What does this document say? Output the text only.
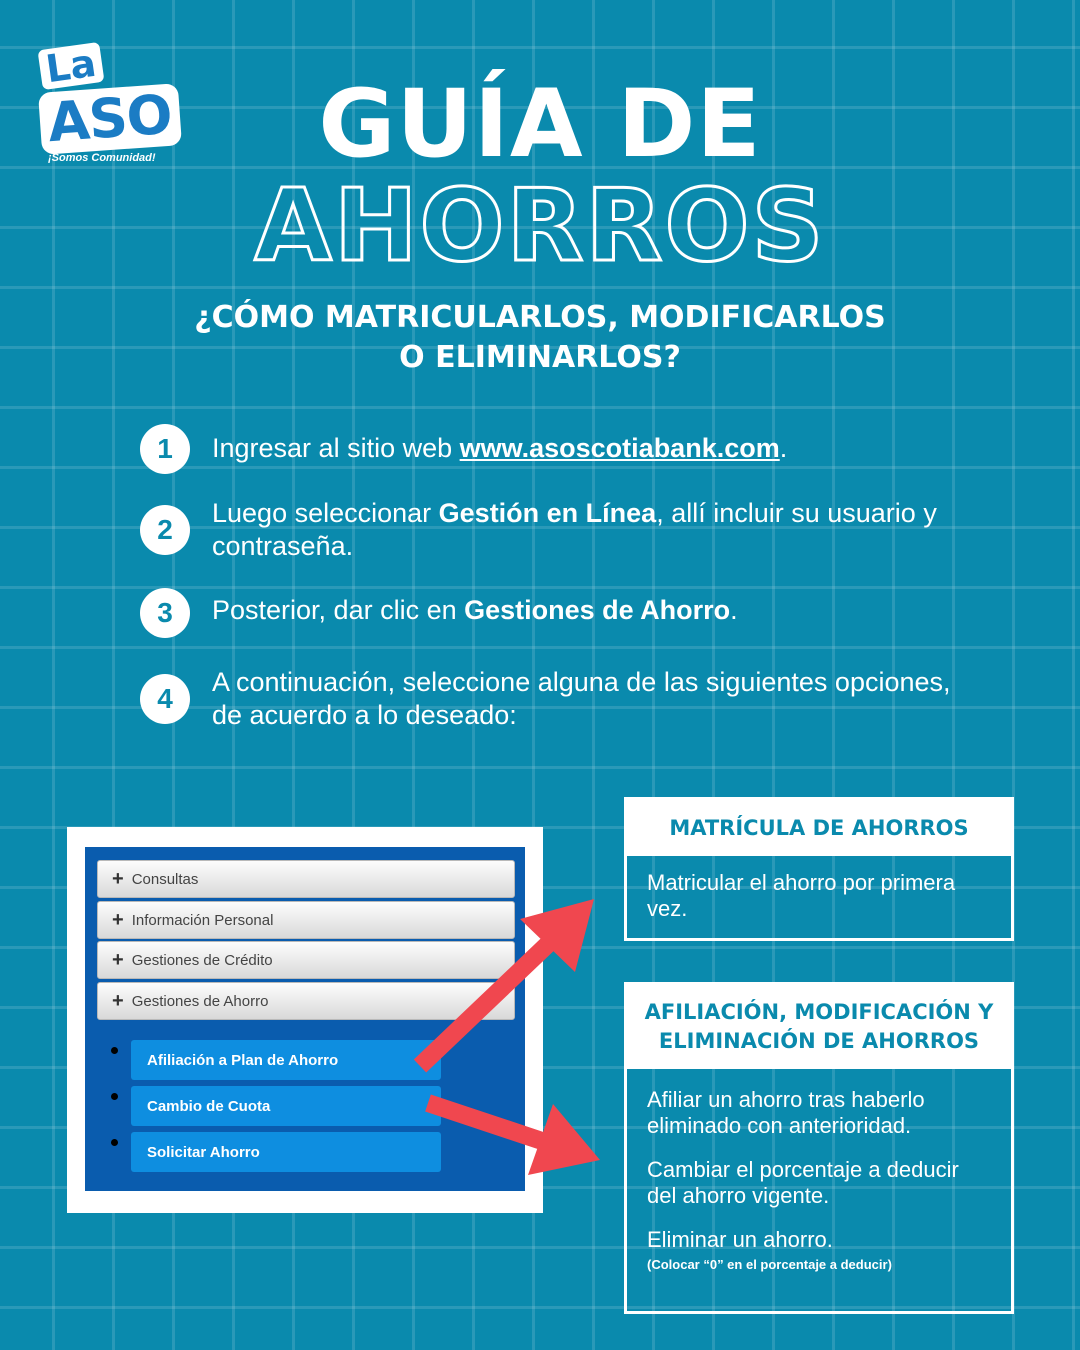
La
ASO
¡Somos Comunidad!	GUÍA DE
AHORROS
¿CÓMO MATRICULARLOS, MODIFICARLOS
O ELIMINARLOS?
1	Ingresar al sitio web www.asoscotiabank.com.
2
Luego seleccionar Gestión en Línea, allí incluir su usuario y contraseña.
3	Posterior, dar clic en Gestiones de Ahorro.
4
A continuación, seleccione alguna de las siguientes opciones, de acuerdo a lo deseado:
+ Consultas
+ Información Personal
+ Gestiones de Crédito
+ Gestiones de Ahorro
Afiliación a Plan de Ahorro
Cambio de Cuota
Solicitar Ahorro
MATRÍCULA DE AHORROS
Matricular el ahorro por primera vez.
AFILIACIÓN, MODIFICACIÓN Y
ELIMINACIÓN DE AHORROS

Afiliar un ahorro tras haberlo eliminado con anterioridad.

Cambiar el porcentaje a deducir del ahorro vigente.

Eliminar un ahorro.
(Colocar “0” en el porcentaje a deducir)
